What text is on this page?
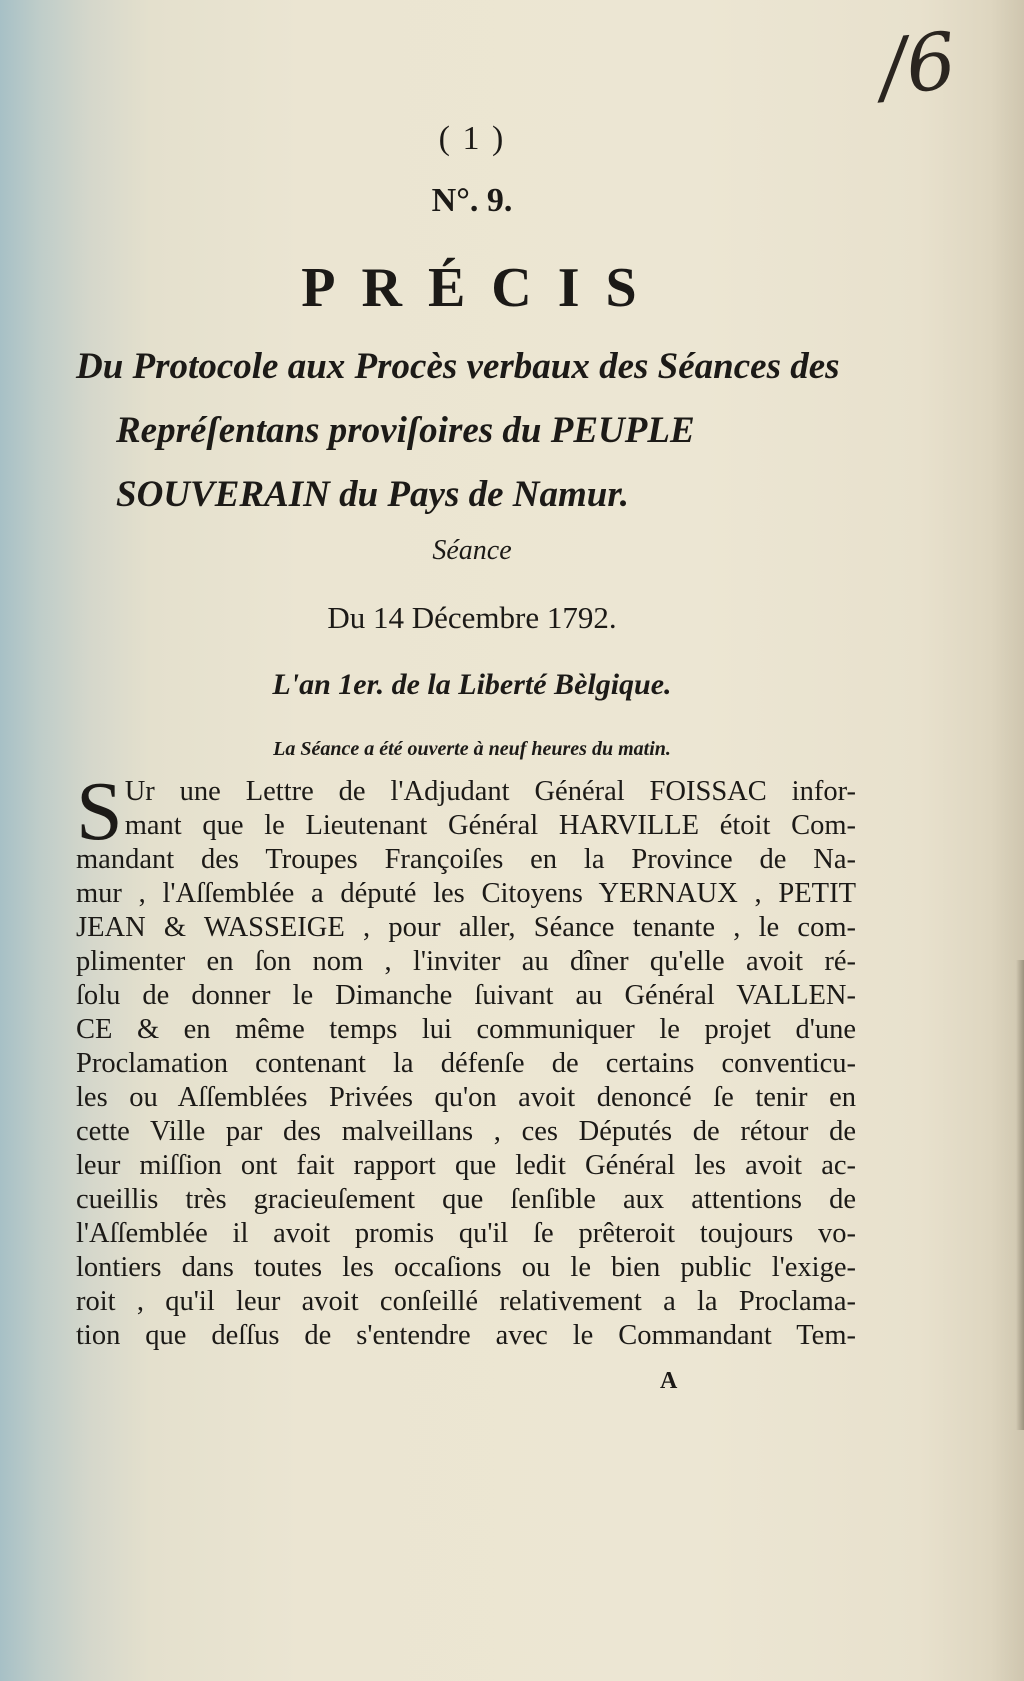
/6
( 1 )
N°. 9.
PRÉCIS
Du Protocole aux Procès verbaux des Séances des Repréſentans proviſoires du PEUPLE SOUVERAIN du Pays de Namur.
Séance
Du 14 Décembre 1792.
L'an 1er. de la Liberté Bèlgique.
La Séance a été ouverte à neuf heures du matin.
S Ur une Lettre de l'Adjudant Général FOISSAC infor-
mant que le Lieutenant Général HARVILLE étoit Com-
mandant des Troupes Françoiſes en la Province de Na-
mur , l'Aſſemblée a député les Citoyens YERNAUX , PETIT
JEAN & WASSEIGE , pour aller, Séance tenante , le com-
plimenter en ſon nom , l'inviter au dîner qu'elle avoit ré-
ſolu de donner le Dimanche ſuivant au Général VALLEN-
CE & en même temps lui communiquer le projet d'une
Proclamation contenant la défenſe de certains conventicu-
les ou Aſſemblées Privées qu'on avoit denoncé ſe tenir en
cette Ville par des malveillans , ces Députés de rétour de
leur miſſion ont fait rapport que ledit Général les avoit ac-
cueillis très gracieuſement que ſenſible aux attentions de
l'Aſſemblée il avoit promis qu'il ſe prêteroit toujours vo-
lontiers dans toutes les occaſions ou le bien public l'exige-
roit , qu'il leur avoit conſeillé relativement a la Proclama-
tion que deſſus de s'entendre avec le Commandant Tem-
A
